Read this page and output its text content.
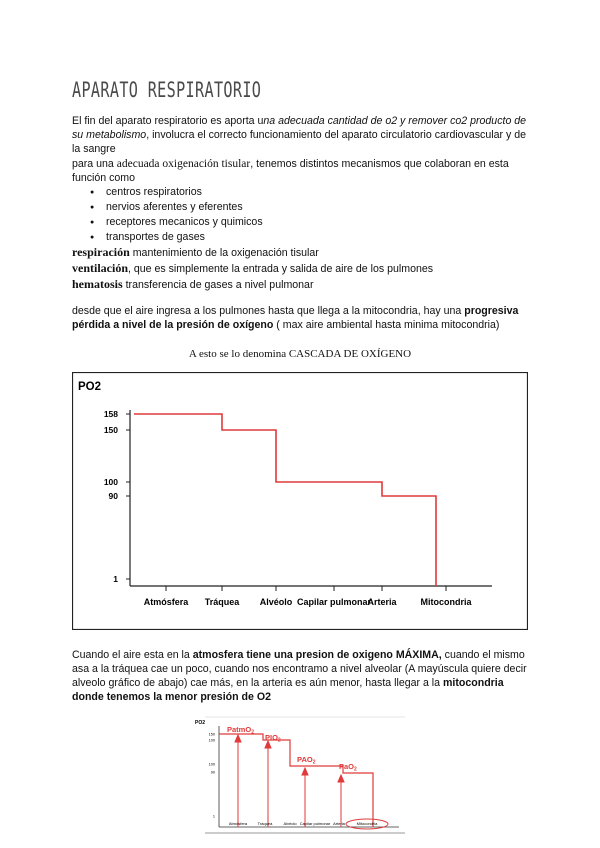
APARATO RESPIRATORIO
El fin del aparato respiratorio es aporta una adecuada cantidad de o2 y remover co2 producto de su metabolismo, involucra el correcto funcionamiento del aparato circulatorio cardiovascular y de la sangre
para una adecuada oxigenación tisular, tenemos distintos mecanismos que colaboran en esta función como
● centros respiratorios
● nervios aferentes y eferentes
● receptores mecanicos y quimicos
● transportes de gases
respiración mantenimiento de la oxigenación tisular
ventilación, que es simplemente la entrada y salida de aire de los pulmones
hematosis transferencia de gases a nivel pulmonar
desde que el aire ingresa a los pulmones hasta que llega a la mitocondria, hay una progresiva pérdida a nivel de la presión de oxígeno ( max aire ambiental hasta minima mitocondria)
A esto se lo denomina CASCADA DE OXÍGENO
PO2
158
150
100
90
1
Atmósfera Tráquea Alvéolo Capilar pulmonar
Arteria	Mitocondria
Cuando el aire esta en la atmosfera tiene una presion de oxigeno MÁXIMA, cuando el mismo asa a la tráquea cae un poco, cuando nos encontramo a nivel alveolar (A mayúscula quiere decir alveolo gráfico de abajo) cae más, en la arteria es aún menor, hasta llegar a la mitocondria donde tenemos la menor presión de O2
PO2
150
100
100
90
1
PatmO$_2$
$PIO_2$
$PAO_2$	PaO$_2$
Atmósfera	Tráquea	Alvéolo Capilar pulmonar Arteria	Mitocondria
